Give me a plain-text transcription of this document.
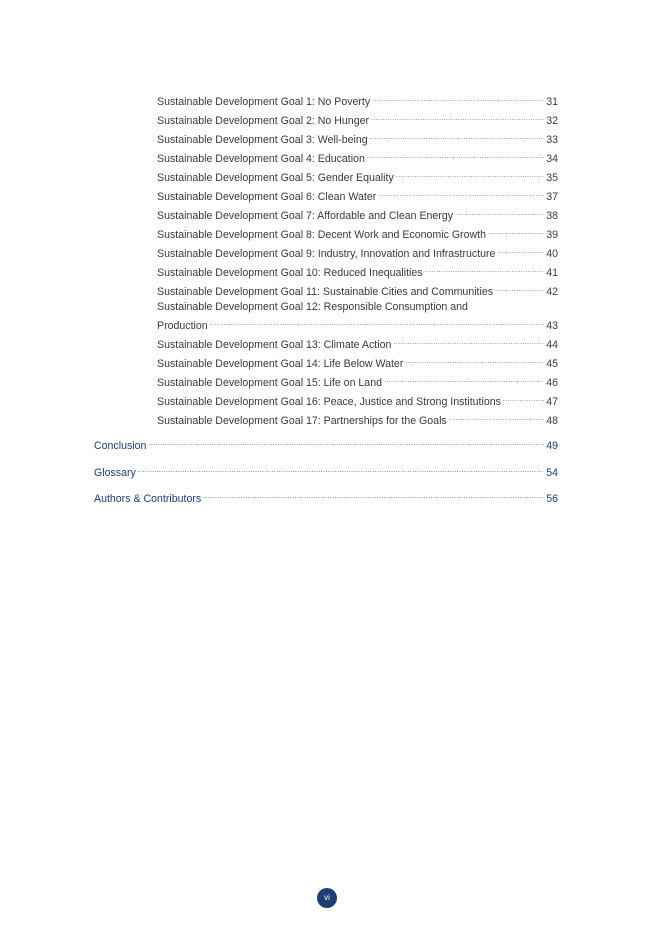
Sustainable Development Goal 1: No Poverty .....	31
Sustainable Development Goal 2: No Hunger .....	32
Sustainable Development Goal 3: Well-being .....	33
Sustainable Development Goal 4: Education .....	34
Sustainable Development Goal 5: Gender Equality .....	35
Sustainable Development Goal 6: Clean Water .....	37
Sustainable Development Goal 7: Affordable and Clean Energy .....	38
Sustainable Development Goal 8: Decent Work and Economic Growth .....	39
Sustainable Development Goal 9: Industry, Innovation and Infrastructure .....	40
Sustainable Development Goal 10: Reduced Inequalities .....	41
Sustainable Development Goal 11: Sustainable Cities and Communities .....	42
Sustainable Development Goal 12: Responsible Consumption and
Production .....	43
Sustainable Development Goal 13: Climate Action .....	44
Sustainable Development Goal 14: Life Below Water .....	45
Sustainable Development Goal 15: Life on Land .....	46
Sustainable Development Goal 16: Peace, Justice and Strong Institutions .....	47
Sustainable Development Goal 17: Partnerships for the Goals .....	48
Conclusion .....	49
Glossary .....	54
Authors & Contributors .....	56
vi
